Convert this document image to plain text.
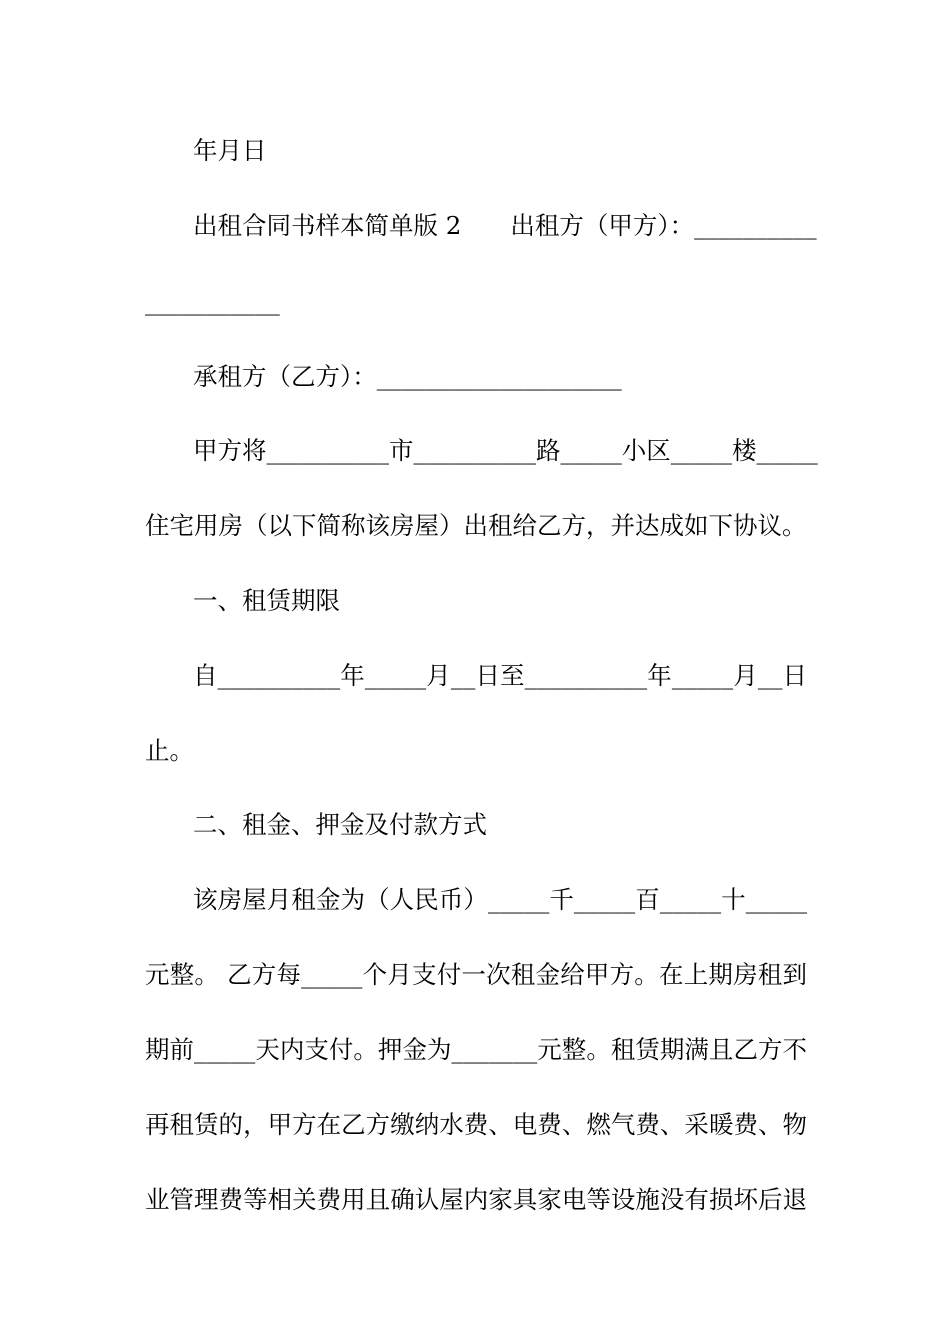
年月日
出租合同书样本简单版 2　　出租方（甲方）：__________
___________
承租方（乙方）：____________________
甲方将__________市__________路_____小区_____楼_____
住宅用房（以下简称该房屋）出租给乙方，并达成如下协议。
一、租赁期限
自__________年_____月__日至__________年_____月__日
止。
二、租金、押金及付款方式
该房屋月租金为（人民币）_____千_____百_____十_____
元整。 乙方每_____个月支付一次租金给甲方。在上期房租到
期前_____天内支付。押金为_______元整。租赁期满且乙方不
再租赁的，甲方在乙方缴纳水费、电费、燃气费、采暖费、物
业管理费等相关费用且确认屋内家具家电等设施没有损坏后退
